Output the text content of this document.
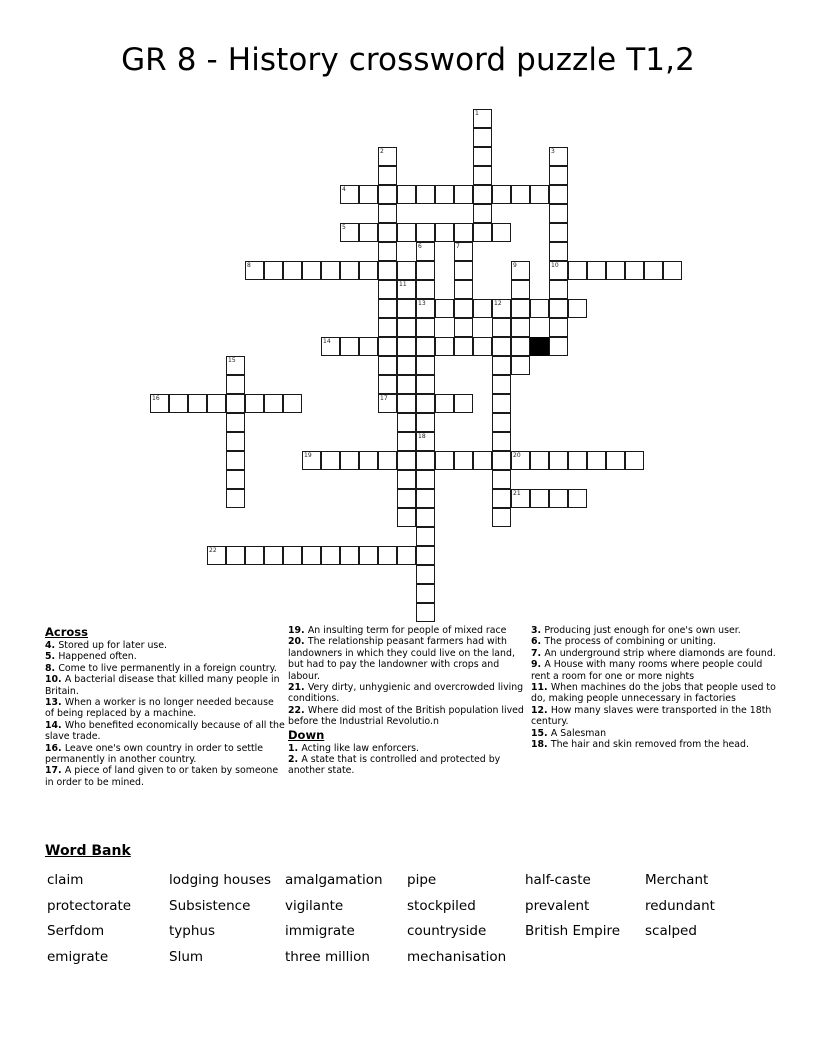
GR 8 - History crossword puzzle T1,2
1
2	3
4
5
6	7
8	9	10
11
13	12
14
15
16	17
18
19	20
21
22
Across

4. Stored up for later use.

5. Happened often.

8. Come to live permanently in a foreign country.

10. A bacterial disease that killed many people in Britain.

13. When a worker is no longer needed because of being replaced by a machine.

14. Who benefited economically because of all the slave trade.

16. Leave one's own country in order to settle permanently in another country.

17. A piece of land given to or taken by someone in order to be mined.

19. An insulting term for people of mixed race

20. The relationship peasant farmers had with landowners in which they could live on the land, but had to pay the landowner with crops and labour.

21. Very dirty, unhygienic and overcrowded living conditions.

22. Where did most of the British population lived before the Industrial Revolutio.n

Down

1. Acting like law enforcers.

2. A state that is controlled and protected by another state.

3. Producing just enough for one's own user.

6. The process of combining or uniting.

7. An underground strip where diamonds are found.

9. A House with many rooms where people could rent a room for one or more nights

11. When machines do the jobs that people used to do, making people unnecessary in factories

12. How many slaves were transported in the 18th century.

15. A Salesman

18. The hair and skin removed from the head.

Word Bank
claim
protectorate
Serfdom
emigrate
lodging houses
Subsistence
typhus
Slum
amalgamation
vigilante
immigrate
three million
pipe
stockpiled
countryside
mechanisation
half-caste
prevalent
British Empire
Merchant
redundant
scalped
